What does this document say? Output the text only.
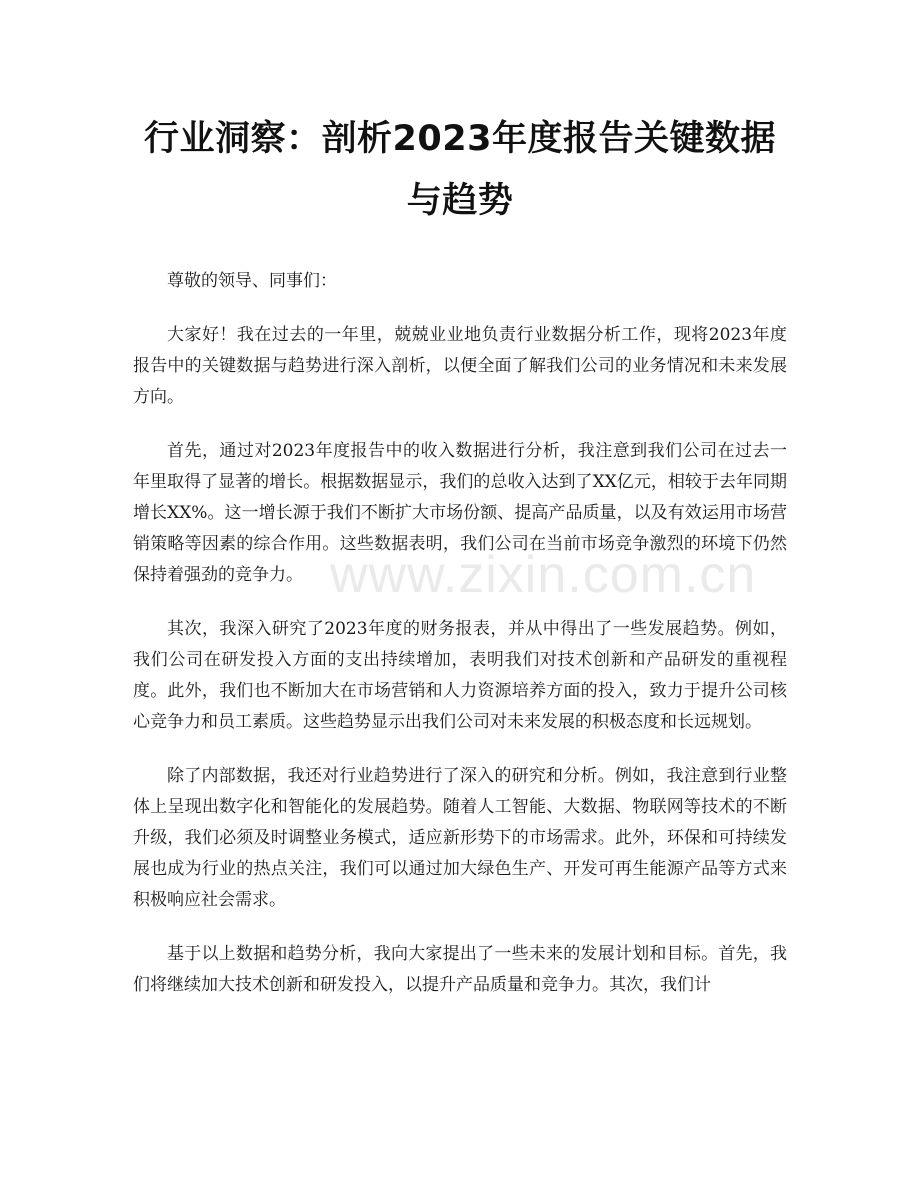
行业洞察：剖析2023年度报告关键数据与趋势

尊敬的领导、同事们：

大家好！我在过去的一年里，兢兢业业地负责行业数据分析工作，现将2023年度报告中的关键数据与趋势进行深入剖析，以便全面了解我们公司的业务情况和未来发展方向。

首先，通过对2023年度报告中的收入数据进行分析，我注意到我们公司在过去一年里取得了显著的增长。根据数据显示，我们的总收入达到了XX亿元，相较于去年同期增长XX%。这一增长源于我们不断扩大市场份额、提高产品质量，以及有效运用市场营销策略等因素的综合作用。这些数据表明，我们公司在当前市场竞争激烈的环境下仍然保持着强劲的竞争力。

其次，我深入研究了2023年度的财务报表，并从中得出了一些发展趋势。例如，我们公司在研发投入方面的支出持续增加，表明我们对技术创新和产品研发的重视程度。此外，我们也不断加大在市场营销和人力资源培养方面的投入，致力于提升公司核心竞争力和员工素质。这些趋势显示出我们公司对未来发展的积极态度和长远规划。

除了内部数据，我还对行业趋势进行了深入的研究和分析。例如，我注意到行业整体上呈现出数字化和智能化的发展趋势。随着人工智能、大数据、物联网等技术的不断升级，我们必须及时调整业务模式，适应新形势下的市场需求。此外，环保和可持续发展也成为行业的热点关注，我们可以通过加大绿色生产、开发可再生能源产品等方式来积极响应社会需求。

基于以上数据和趋势分析，我向大家提出了一些未来的发展计划和目标。首先，我们将继续加大技术创新和研发投入，以提升产品质量和竞争力。其次，我们计

www.zixin.com.cn
